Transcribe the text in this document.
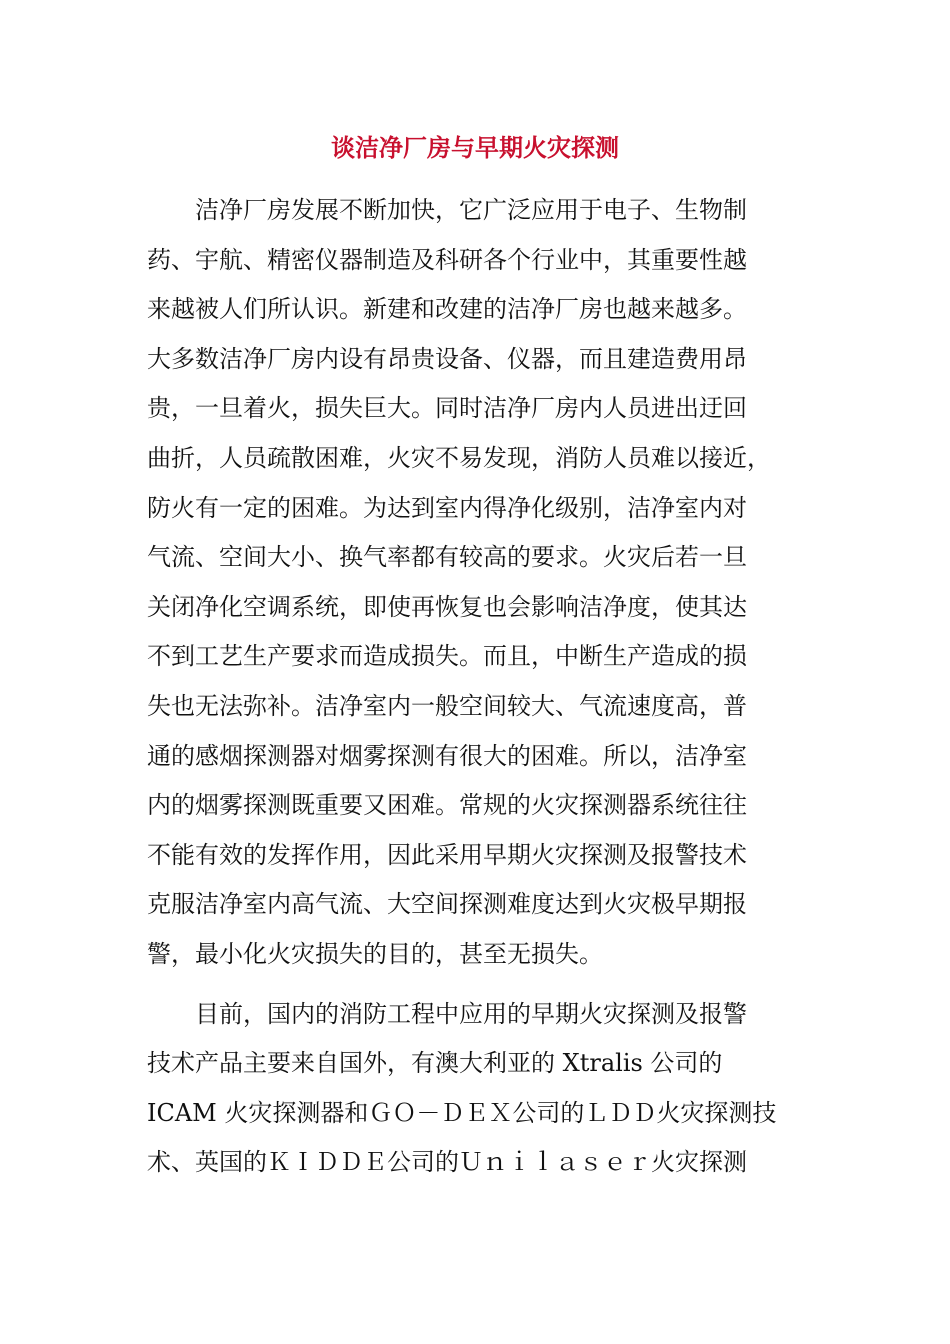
谈洁净厂房与早期火灾探测

洁净厂房发展不断加快，它广泛应用于电子、生物制
药、宇航、精密仪器制造及科研各个行业中，其重要性越
来越被人们所认识。新建和改建的洁净厂房也越来越多。
大多数洁净厂房内设有昂贵设备、仪器，而且建造费用昂
贵，一旦着火，损失巨大。同时洁净厂房内人员进出迂回
曲折，人员疏散困难，火灾不易发现，消防人员难以接近，
防火有一定的困难。为达到室内得净化级别，洁净室内对
气流、空间大小、换气率都有较高的要求。火灾后若一旦
关闭净化空调系统，即使再恢复也会影响洁净度，使其达
不到工艺生产要求而造成损失。而且，中断生产造成的损
失也无法弥补。洁净室内一般空间较大、气流速度高，普
通的感烟探测器对烟雾探测有很大的困难。所以，洁净室
内的烟雾探测既重要又困难。常规的火灾探测器系统往往
不能有效的发挥作用，因此采用早期火灾探测及报警技术
克服洁净室内高气流、大空间探测难度达到火灾极早期报
警，最小化火灾损失的目的，甚至无损失。

目前，国内的消防工程中应用的早期火灾探测及报警
技术产品主要来自国外，有澳大利亚的 Xtralis 公司的
ICAM 火灾探测器和ＧＯ－ＤＥＸ公司的ＬＤＤ火灾探测技
术、英国的ＫＩＤＤＥ公司的Ｕｎｉｌａｓｅｒ火灾探测
